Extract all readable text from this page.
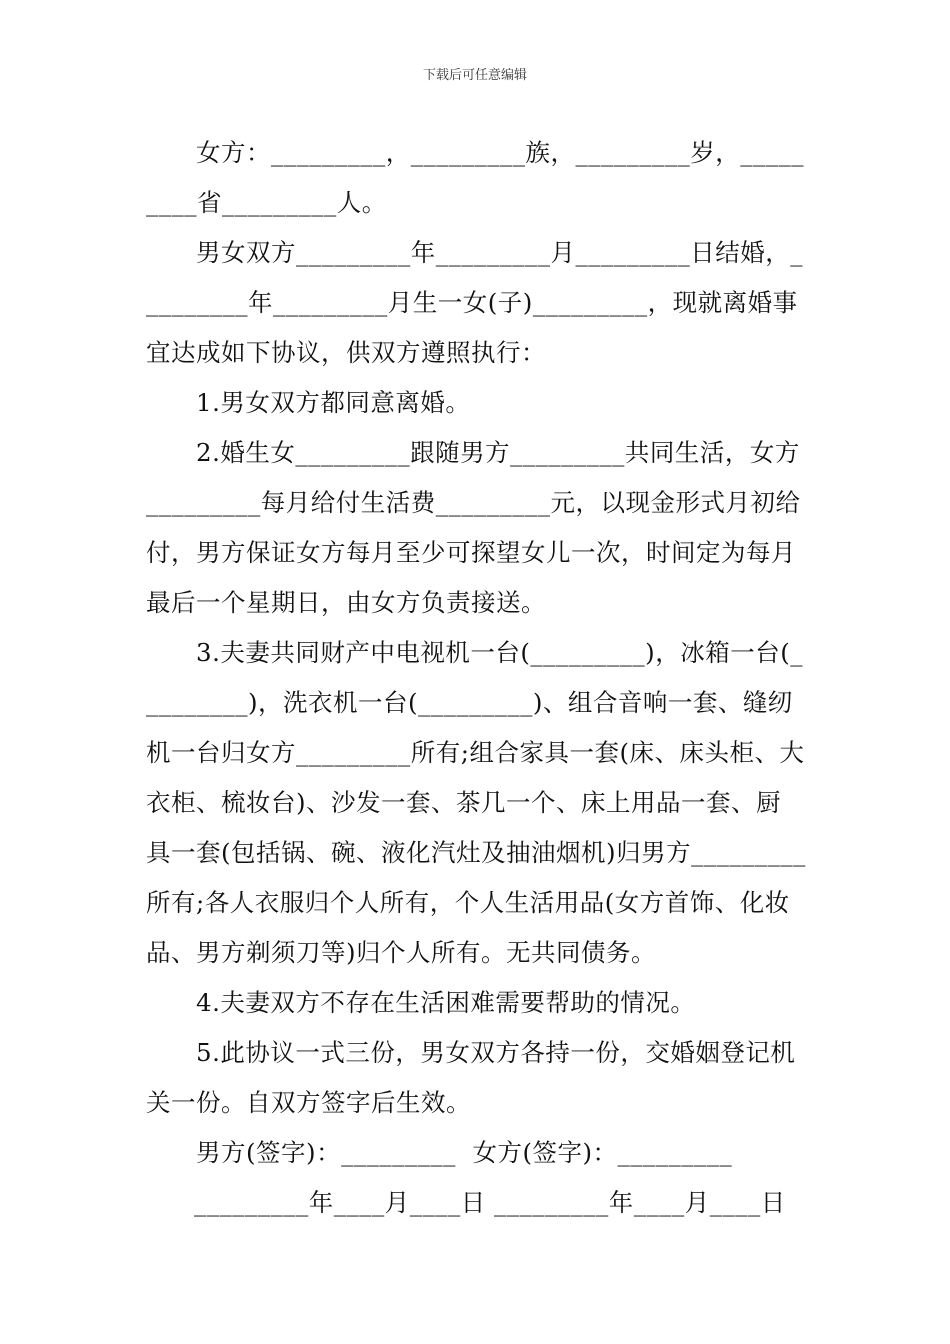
下载后可任意编辑

女方：_________，_________族，_________岁，_________省_________人。

男女双方_________年_________月_________日结婚，_________年_________月生一女(子)_________，现就离婚事宜达成如下协议，供双方遵照执行：

1.男女双方都同意离婚。

2.婚生女_________跟随男方_________共同生活，女方_________每月给付生活费_________元，以现金形式月初给付，男方保证女方每月至少可探望女儿一次，时间定为每月最后一个星期日，由女方负责接送。

3.夫妻共同财产中电视机一台(_________)，冰箱一台(_________)，洗衣机一台(_________)、组合音响一套、缝纫机一台归女方_________所有;组合家具一套(床、床头柜、大衣柜、梳妆台)、沙发一套、茶几一个、床上用品一套、厨具一套(包括锅、碗、液化汽灶及抽油烟机)归男方_________所有;各人衣服归个人所有，个人生活用品(女方首饰、化妆品、男方剃须刀等)归个人所有。无共同债务。

4.夫妻双方不存在生活困难需要帮助的情况。

5.此协议一式三份，男女双方各持一份，交婚姻登记机关一份。自双方签字后生效。

男方(签字)：_________  女方(签字)：_________
_________年____月____日 _________年____月____日
